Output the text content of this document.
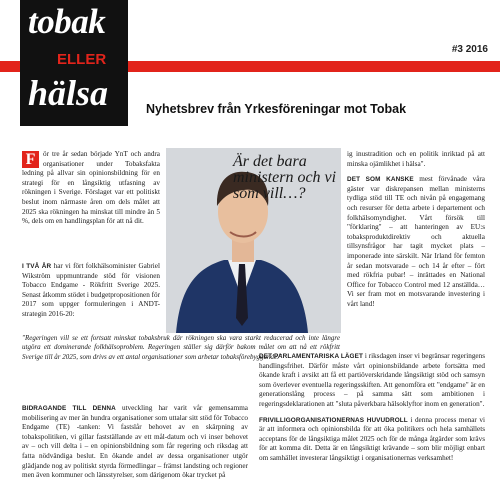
tobak
ELLER
hälsa
#3 2016
Nyhetsbrev från Yrkesföreningar mot Tobak

F	ör tre år sedan började YnT och andra organisationer under Tobaksfakta ledning på allvar sin opinionsbildning för en strategi för en långsiktig utfasning av rökningen i Sverige. Förslaget var ett politiskt beslut inom närmaste åren om dels målet att 2025 ska rökningen ha minskat till mindre än 5 %, dels om en handlingsplan för att nå dit.

I TVÅ ÅR har vi fört folkhälsominister Gabriel Wikström uppmuntrande stöd för visionen Tobacco Endgame - Rökfritt Sverige 2025. Senast åtkomm stödet i budgetpropositionen för 2017 som uppger formuleringen i ANDT-strategin 2016-20:

"Regeringen vill se ett fortsatt minskat tobaksbruk där rökningen ska vara starkt reducerad och inte längre utgöra ett dominerande folkhälsoproblem. Regeringen ställer sig därför bakom målet om att nå ett rökfritt Sverige till år 2025, som drivs av ett antal organisationer som arbetar tobaksförebyggande."
Är det bara ministern och vi som vill…?

ig inustradition och en politik inriktad på att minska ojämlikhet i hälsa".

DET SOM KANSKE mest förvånade våra gäster var diskrepansen mellan ministerns tydliga stöd till TE och nivån på engagemang och resurser för detta arbete i departement och folkhälsomyndighet. Vårt försök till "förklaring" – att hanteringen av EU:s tobaksproduktdirektiv och aktuella tillsynsfrågor har tagit mycket plats – imponerade inte särskilt. När Irland för femton år sedan motsvarade – och 14 år efter – fört med rökfria pubar! – inrättades en National Office for Tobacco Control med 12 anställda… Vi ser fram mot en motsvarande investering i vårt land!

BIDRAGANDE TILL DENNA utveckling har varit vår gemensamma mobilisering av mer än hundra organisationer som uttalar sitt stöd för Tobacco Endgame (TE) -tanken: Vi fastslår behovet av en skärpning av tobakspolitiken, vi gillar fastställande av ett mål-datum och vi inser behovet av – och vill delta i – en opinionsbildning som får regering och riksdag att fatta nödvändiga beslut. En ökande andel av dessa organisationer utgör glädjande nog av politiskt styrda förmedlingar – främst landsting och regioner men även kommuner och länsstyrelser, som därigenom ökar trycket på

DET PARLAMENTARISKA LÄGET i riksdagen inser vi begränsar regeringens handlingsfrihet. Därför måste vårt opinionsbildande arbete fortsätta med ökande kraft i avsikt att få ett partiöverskridande långsiktigt stöd och samsyn som överlever eventuella regeringsskiften. Att genomföra ett "endgame" är en generationslång process – på samma sätt som ambitionen i regeringsdeklarationen att "sluta påverkbara hälsoklyftor inom en generation".

FRIVILLIGORGANISATIONERNAS HUVUDROLL i denna process menar vi är att informera och opinionsbilda för att öka politikers och hela samhällets acceptans för de långsiktiga målet 2025 och för de många åtgärder som krävs för att komma dit. Detta är en långsiktigt krävande – som blir möjligt enbart om samhället investerar långsiktigt i organisationernas verksamhet!
